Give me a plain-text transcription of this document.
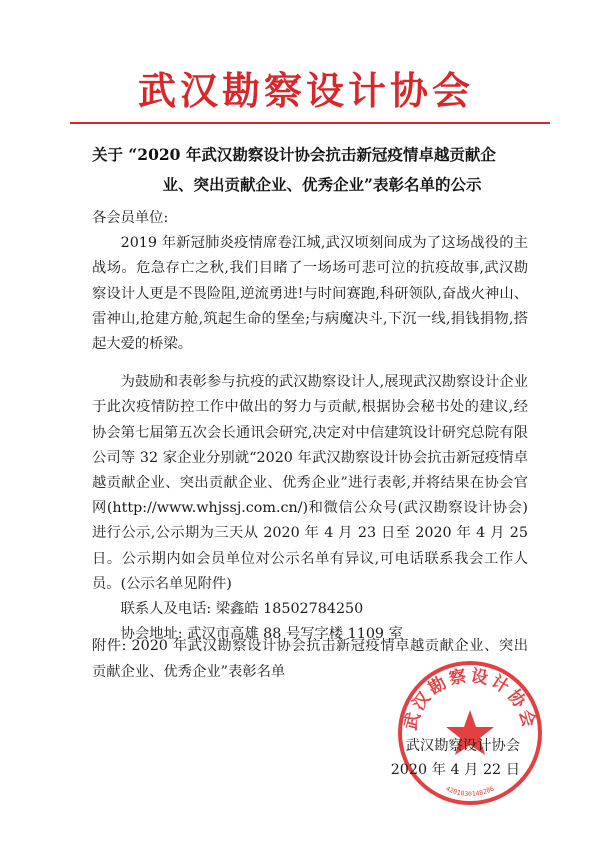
武汉勘察设计协会
关于 “2020 年武汉勘察设计协会抗击新冠疫情卓越贡献企
业、突出贡献企业、优秀企业”表彰名单的公示

各会员单位:

2019 年新冠肺炎疫情席卷江城,武汉顷刻间成为了这场战役的主战场。危急存亡之秋,我们目睹了一场场可悲可泣的抗疫故事,武汉勘察设计人更是不畏险阻,逆流勇进!与时间赛跑,科研领队,奋战火神山、雷神山,抢建方舱,筑起生命的堡垒;与病魔决斗,下沉一线,捐钱捐物,搭起大爱的桥梁。

为鼓励和表彰参与抗疫的武汉勘察设计人,展现武汉勘察设计企业于此次疫情防控工作中做出的努力与贡献,根据协会秘书处的建议,经协会第七届第五次会长通讯会研究,决定对中信建筑设计研究总院有限公司等 32 家企业分别就“2020 年武汉勘察设计协会抗击新冠疫情卓越贡献企业、突出贡献企业、优秀企业”进行表彰,并将结果在协会官网(http://www.whjssj.com.cn/)和微信公众号(武汉勘察设计协会)进行公示,公示期为三天从 2020 年 4 月 23 日至 2020 年 4 月 25 日。公示期内如会员单位对公示名单有异议,可电话联系我会工作人员。(公示名单见附件)

联系人及电话: 梁鑫皓 18502784250

协会地址: 武汉市高雄 88 号写字楼 1109 室

附件: 2020 年武汉勘察设计协会抗击新冠疫情卓越贡献企业、突出贡献企业、优秀企业”表彰名单
武汉勘察设计协会
4201030148286
武汉勘察设计协会
2020 年 4 月 22 日
